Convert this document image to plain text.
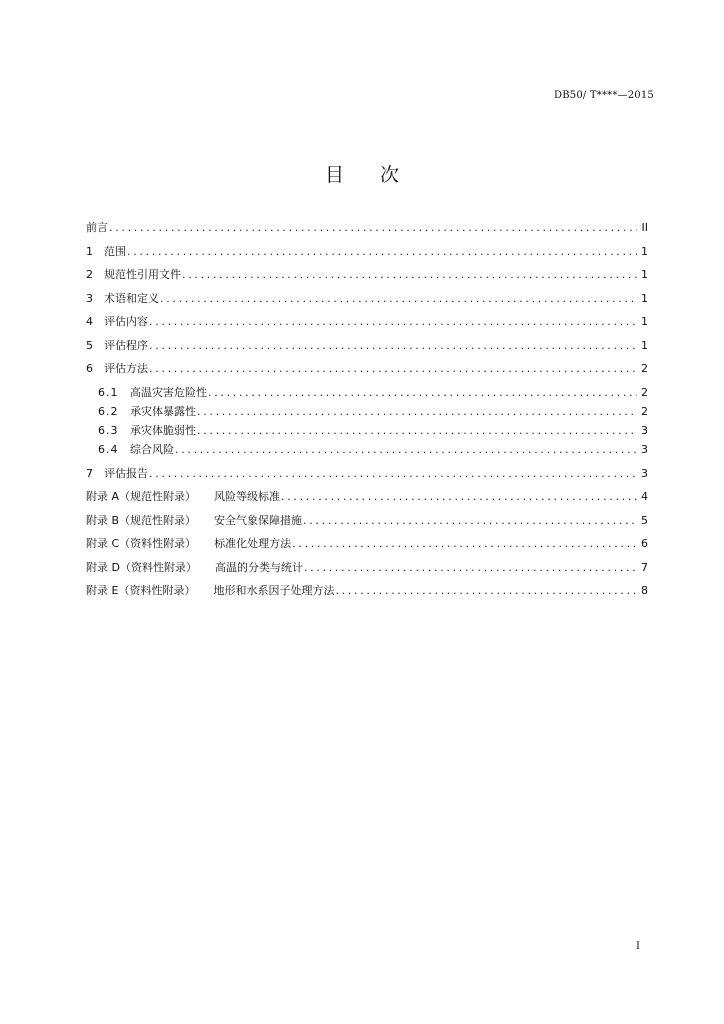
DB50/ T****—2015
目次
前言 . . .	II
1	范围 . . .	1
2	规范性引用文件 . . .	1
3	术语和定义 . . .	1
4	评估内容 . . .	1
5	评估程序 . . .	1
6	评估方法 . . .	2
6.1	高温灾害危险性 . . .	2
6.2	承灾体暴露性 . . .	2
6.3	承灾体脆弱性 . . .	3
6.4	综合风险 . . .	3
7	评估报告 . . .	3
附录 A（规范性附录） 风险等级标准 . . .	4
附录 B（规范性附录） 安全气象保障措施 . . .	5
附录 C（资料性附录） 标准化处理方法 . . .	6
附录 D（资料性附录） 高温的分类与统计 . . .	7
附录 E（资料性附录） 地形和水系因子处理方法 . . .	8
I
